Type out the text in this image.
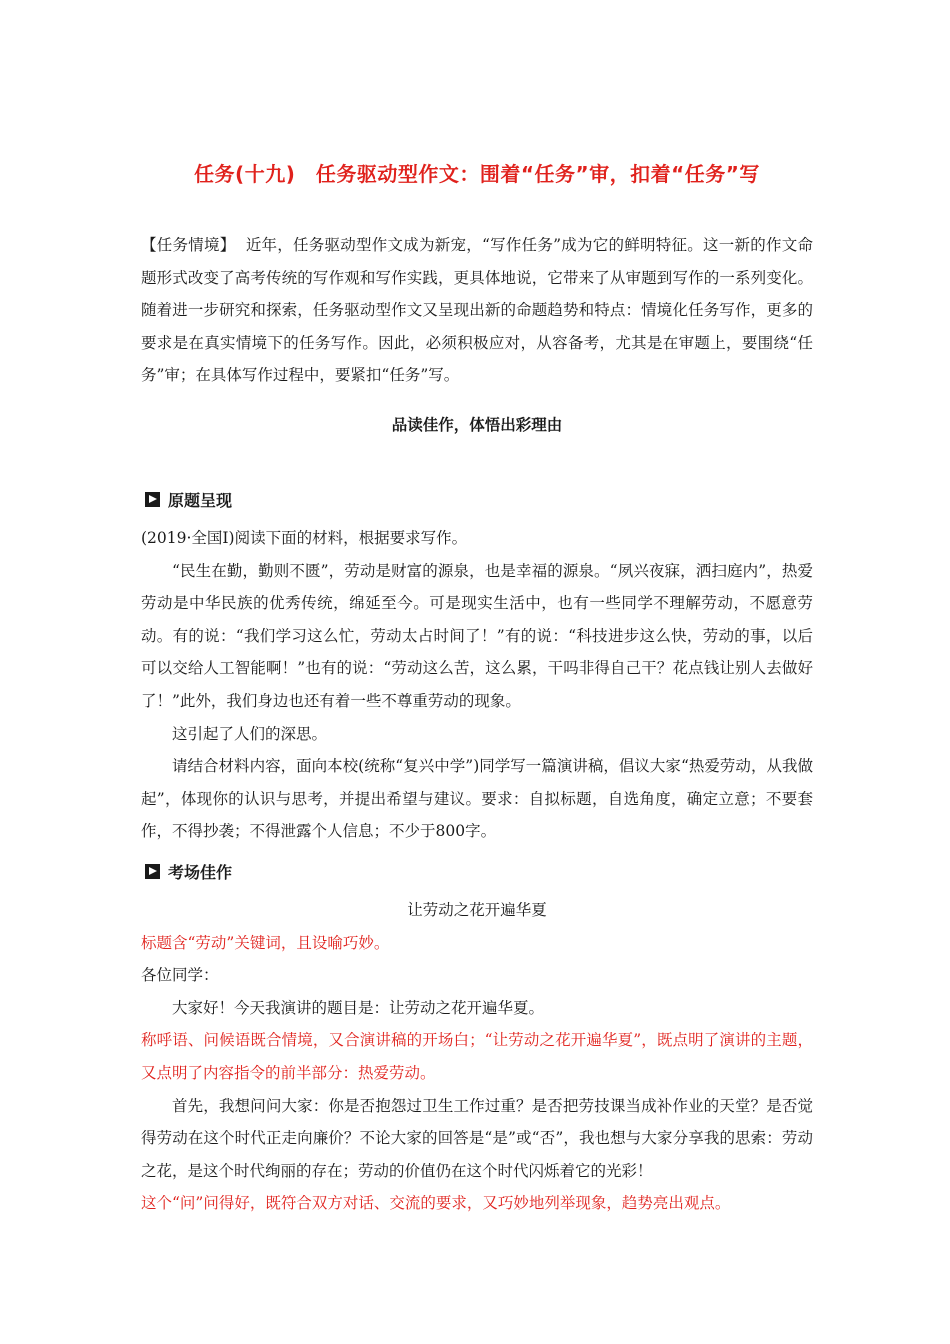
任务(十九)　任务驱动型作文：围着“任务”审，扣着“任务”写
【任务情境】 近年，任务驱动型作文成为新宠，“写作任务”成为它的鲜明特征。这一新的作文命题形式改变了高考传统的写作观和写作实践，更具体地说，它带来了从审题到写作的一系列变化。随着进一步研究和探索，任务驱动型作文又呈现出新的命题趋势和特点：情境化任务写作，更多的要求是在真实情境下的任务写作。因此，必须积极应对，从容备考，尤其是在审题上，要围绕“任务”审；在具体写作过程中，要紧扣“任务”写。
品读佳作，体悟出彩理由
原题呈现

(2019·全国Ⅰ)阅读下面的材料，根据要求写作。

“民生在勤，勤则不匮”，劳动是财富的源泉，也是幸福的源泉。“夙兴夜寐，洒扫庭内”，热爱劳动是中华民族的优秀传统，绵延至今。可是现实生活中，也有一些同学不理解劳动，不愿意劳动。有的说：“我们学习这么忙，劳动太占时间了！”有的说：“科技进步这么快，劳动的事，以后可以交给人工智能啊！”也有的说：“劳动这么苦，这么累，干吗非得自己干？花点钱让别人去做好了！”此外，我们身边也还有着一些不尊重劳动的现象。

这引起了人们的深思。

请结合材料内容，面向本校(统称“复兴中学”)同学写一篇演讲稿，倡议大家“热爱劳动，从我做起”，体现你的认识与思考，并提出希望与建议。要求：自拟标题，自选角度，确定立意；不要套作，不得抄袭；不得泄露个人信息；不少于800字。

考场佳作

让劳动之花开遍华夏

标题含“劳动”关键词，且设喻巧妙。

各位同学：

大家好！今天我演讲的题目是：让劳动之花开遍华夏。

称呼语、问候语既合情境，又合演讲稿的开场白；“让劳动之花开遍华夏”，既点明了演讲的主题，又点明了内容指令的前半部分：热爱劳动。

首先，我想问问大家：你是否抱怨过卫生工作过重？是否把劳技课当成补作业的天堂？是否觉得劳动在这个时代正走向廉价？不论大家的回答是“是”或“否”，我也想与大家分享我的思索：劳动之花，是这个时代绚丽的存在；劳动的价值仍在这个时代闪烁着它的光彩！

这个“问”问得好，既符合双方对话、交流的要求，又巧妙地列举现象，趋势亮出观点。
